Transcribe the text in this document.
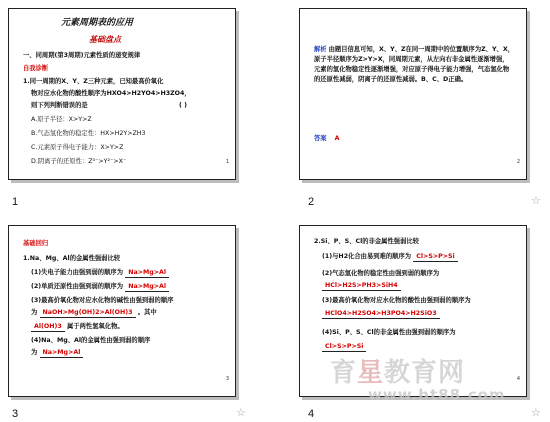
元素周期表的应用
基础盘点
一、同周期(第3周期)元素性质的递变规律
自我诊断
1.同一周期的X、Y、Z三种元素，已知最高价氧化
物对应水化物的酸性顺序为HXO4>H2YO4>H3ZO4，
则下列判断错误的是	( )
A.原子半径：X>Y>Z
B.气态氢化物的稳定性：HX>H2Y>ZH3
C.元素原子得电子能力：X>Y>Z
D.阴离子的还原性：Z³⁻>Y²⁻>X⁻	1
1
解析 由题目信息可知，X、Y、Z在同一周期中的位置顺序为Z、Y、X，原子半径顺序为Z>Y>X，同周期元素，从左向右非金属性逐渐增强，元素的氢化物稳定性逐渐增强，对应原子得电子能力增强，气态氢化物的还原性减弱，阴离子的还原性减弱。B、C、D正确。
答案 A
2
2	☆
基础回归
1.Na、Mg、Al的金属性强弱比较
(1)失电子能力由强到弱的顺序为 Na>Mg>Al
(2)单质还原性由强到弱的顺序为 Na>Mg>Al
(3)最高价氧化物对应水化物的碱性由强到弱的顺序
为 NaOH>Mg(OH)2>Al(OH)3 。其中
Al(OH)3 属于两性氢氧化物。
(4)Na、Mg、Al的金属性由强到弱的顺序
为 Na>Mg>Al
3
3	☆
2.Si、P、S、Cl的非金属性强弱比较
(1)与H2化合由易到难的顺序为 Cl>S>P>Si
(2)气态氢化物的稳定性由强到弱的顺序为
HCl>H2S>PH3>SiH4
(3)最高价氧化物对应水化物的酸性由强到弱的顺序为
HClO4>H2SO4>H3PO4>H2SiO3
(4)Si、P、S、Cl的非金属性由强到弱的顺序为
Cl>S>P>Si
4
4	☆
育星教育网
www.ht88.com
